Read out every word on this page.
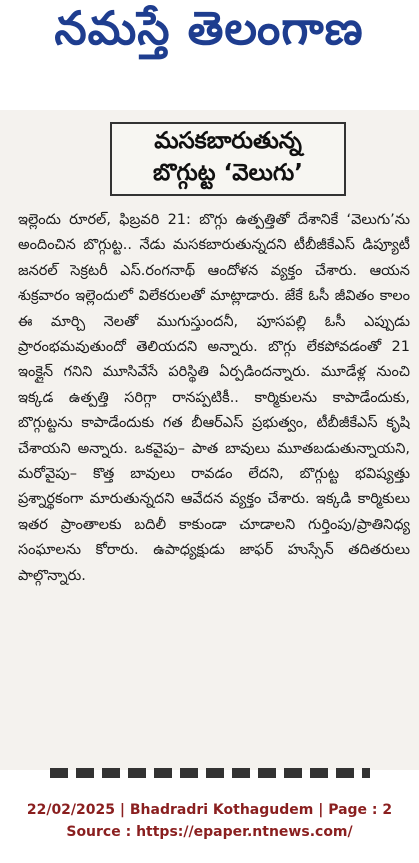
నమస్తే తెలంగాణ
మసకబారుతున్న
బొగ్గుట్ట ‘వెలుగు’
ఇల్లెందు రూరల్‌, ఫిబ్రవరి 21: బొగ్గు ఉత్పత్తితో దేశానికే ‘వెలుగు’ను అందించిన బొగ్గుట్ట.. నేడు మసకబారుతున్నదని టీబీజీకేఎస్‌ డిప్యూటీ జనరల్‌ సెక్రటరీ ఎస్‌.రంగనాథ్‌ ఆందోళన వ్యక్తం చేశారు. ఆయన శుక్రవారం ఇల్లెందులో విలేకరులతో మాట్లాడారు. జేకే ఓసీ జీవితం కాలం ఈ మార్చి నెలతో ముగుస్తుందనీ, పూసపల్లి ఓసీ ఎప్పుడు ప్రారంభమవుతుందో తెలియదని అన్నారు. బొగ్గు లేకపోవడంతో 21 ఇంక్లైన్‌ గనిని మూసివేసే పరిస్థితి ఏర్పడిందన్నారు. మూడేళ్ల నుంచి ఇక్కడ ఉత్పత్తి సరిగ్గా రానప్పటికీ.. కార్మికులను కాపాడేందుకు, బొగ్గుట్టను కాపాడేందుకు గత బీఆర్‌ఎస్‌ ప్రభుత్వం, టీబీజీకేఎస్‌ కృషి చేశాయని అన్నారు. ఒకవైపు– పాత బావులు మూతబడుతున్నాయని, మరోవైపు– కొత్త బావులు రావడం లేదని, బొగ్గుట్ట భవిష్యత్తు ప్రశ్నార్థకంగా మారుతున్నదని ఆవేదన వ్యక్తం చేశారు. ఇక్కడి కార్మికులు ఇతర ప్రాంతాలకు బదిలీ కాకుండా చూడాలని గుర్తింపు/ప్రాతినిధ్య సంఘాలను కోరారు. ఉపాధ్యక్షుడు జాఫర్‌ హుస్సేన్‌ తదితరులు పాల్గొన్నారు.
22/02/2025 | Bhadradri Kothagudem | Page : 2
Source : https://epaper.ntnews.com/
